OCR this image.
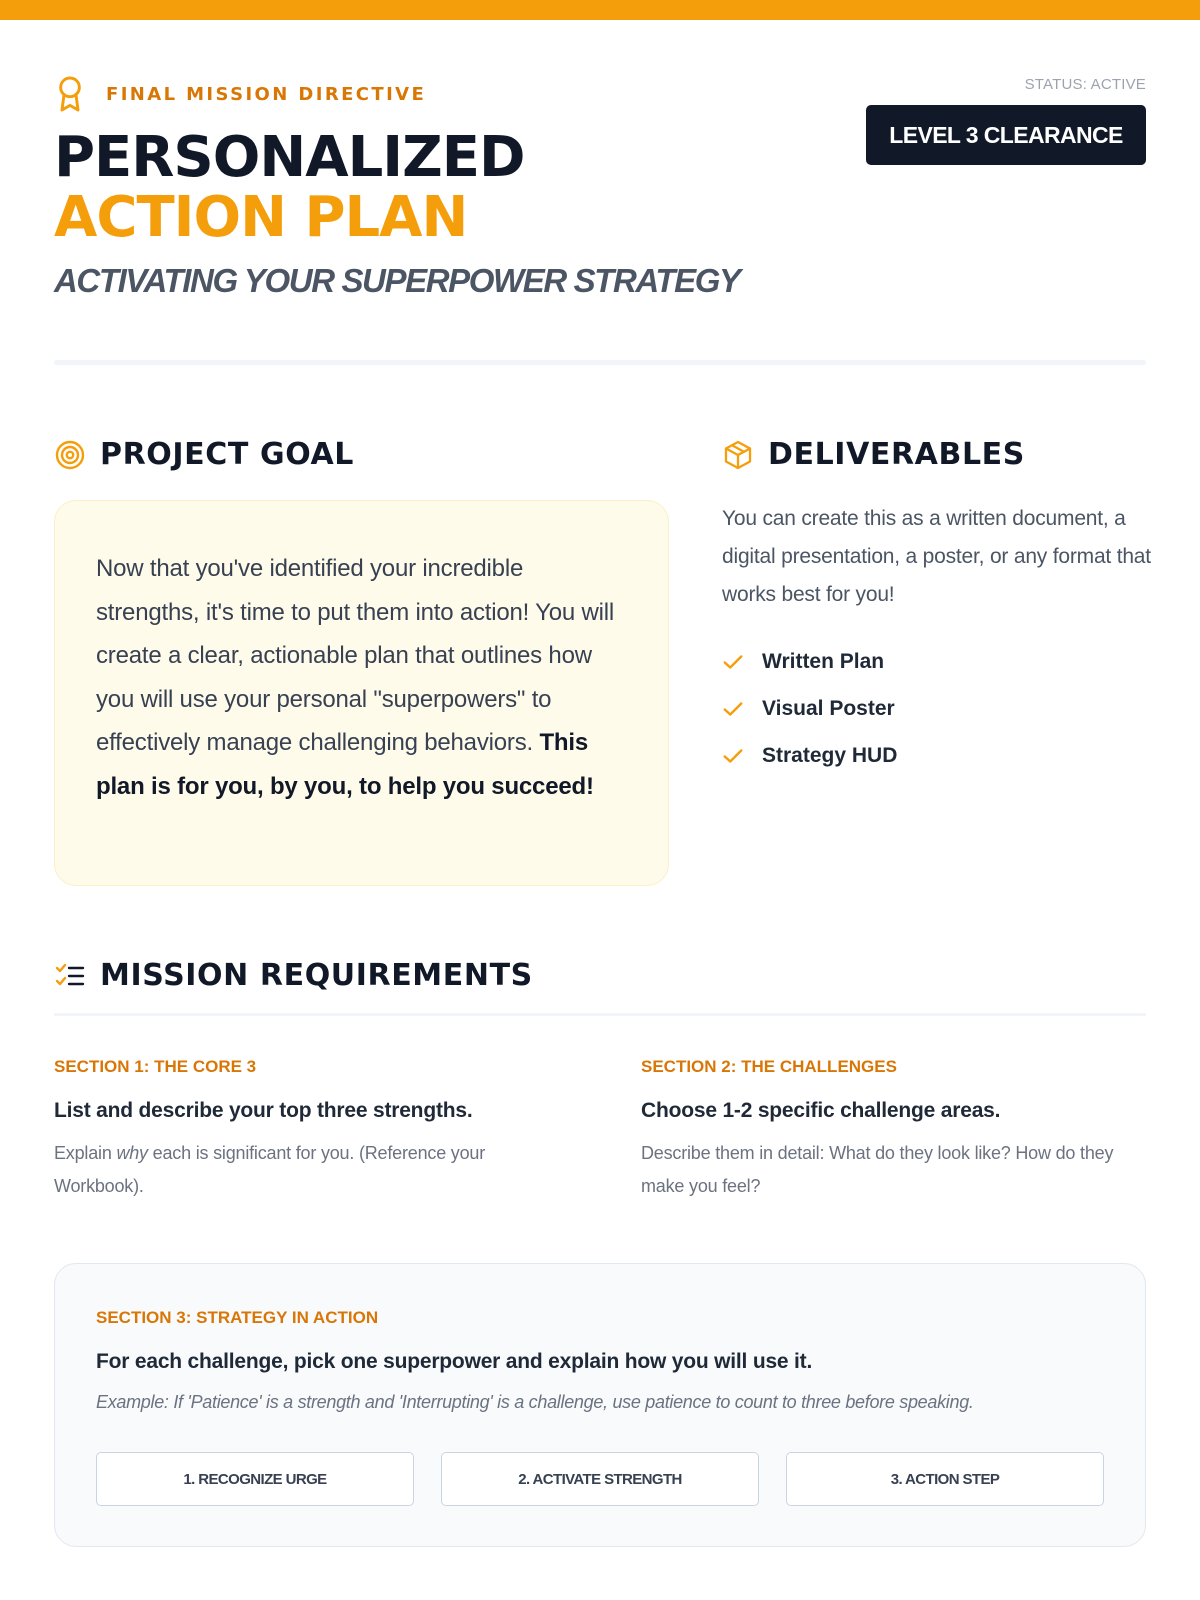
FINAL MISSION DIRECTIVE
PERSONALIZED
ACTION PLAN
ACTIVATING YOUR SUPERPOWER STRATEGY
STATUS: ACTIVE
LEVEL 3 CLEARANCE
PROJECT GOAL

Now that you've identified your incredible strengths, it's time to put them into action! You will create a clear, actionable plan that outlines how you will use your personal "superpowers" to effectively manage challenging behaviors. This plan is for you, by you, to help you succeed!

DELIVERABLES

You can create this as a written document, a digital presentation, a poster, or any format that works best for you!

Written Plan
Visual Poster
Strategy HUD
MISSION REQUIREMENTS
SECTION 1: THE CORE 3
List and describe your top three strengths.

Explain why each is significant for you. (Reference your Workbook).

SECTION 2: THE CHALLENGES
Choose 1-2 specific challenge areas.

Describe them in detail: What do they look like? How do they make you feel?

SECTION 3: STRATEGY IN ACTION
For each challenge, pick one superpower and explain how you will use it.

Example: If 'Patience' is a strength and 'Interrupting' is a challenge, use patience to count to three before speaking.

1. RECOGNIZE URGE	2. ACTIVATE STRENGTH	3. ACTION STEP
